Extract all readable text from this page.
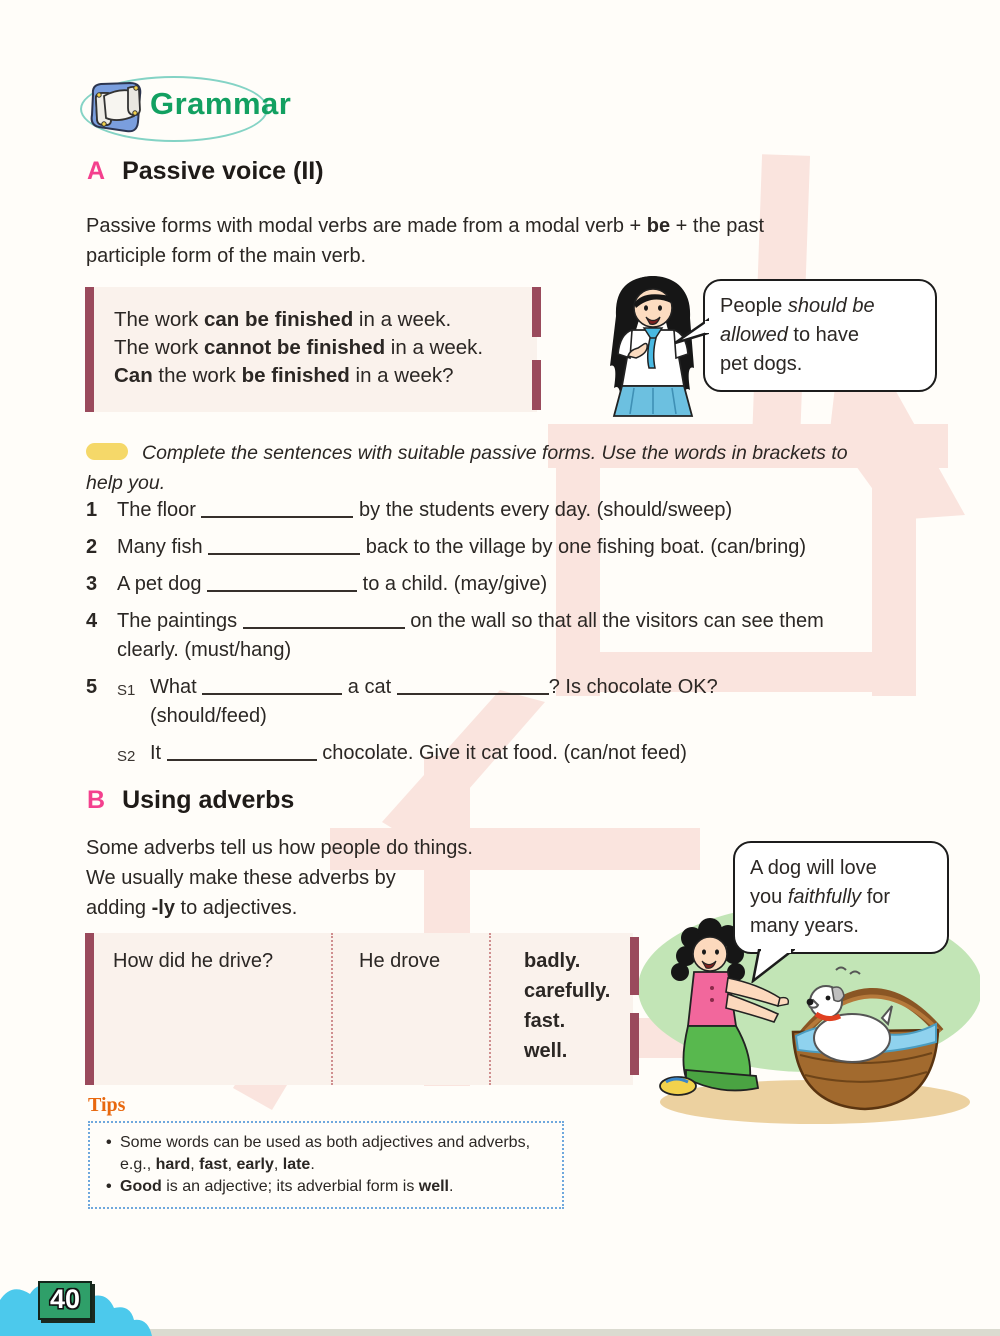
Grammar
A Passive voice (II)
Passive forms with modal verbs are made from a modal verb + be + the past
participle form of the main verb.
The work can be finished in a week.
The work cannot be finished in a week.
Can the work be finished in a week?
People should be
allowed to have
pet dogs.
Complete the sentences with suitable passive forms. Use the words in brackets to
help you.
1 The floor	by the students every day. (should/sweep)
2 Many fish	back to the village by one fishing boat. (can/bring)
3 A pet dog	to a child. (may/give)
4 The paintings	on the wall so that all the visitors can see them
clearly. (must/hang)
5	S1 What	a cat	? Is chocolate OK?
(should/feed)
S2 It	chocolate. Give it cat food. (can/not feed)
B Using adverbs
Some adverbs tell us how people do things.
We usually make these adverbs by
adding -ly to adjectives.
A dog will love
you faithfully for
many years.
How did he drive?	He drove	badly.
carefully.
fast.
well.
Tips
• Some words can be used as both adjectives and adverbs,
e.g., hard, fast, early, late.
• Good is an adjective; its adverbial form is well.
40
